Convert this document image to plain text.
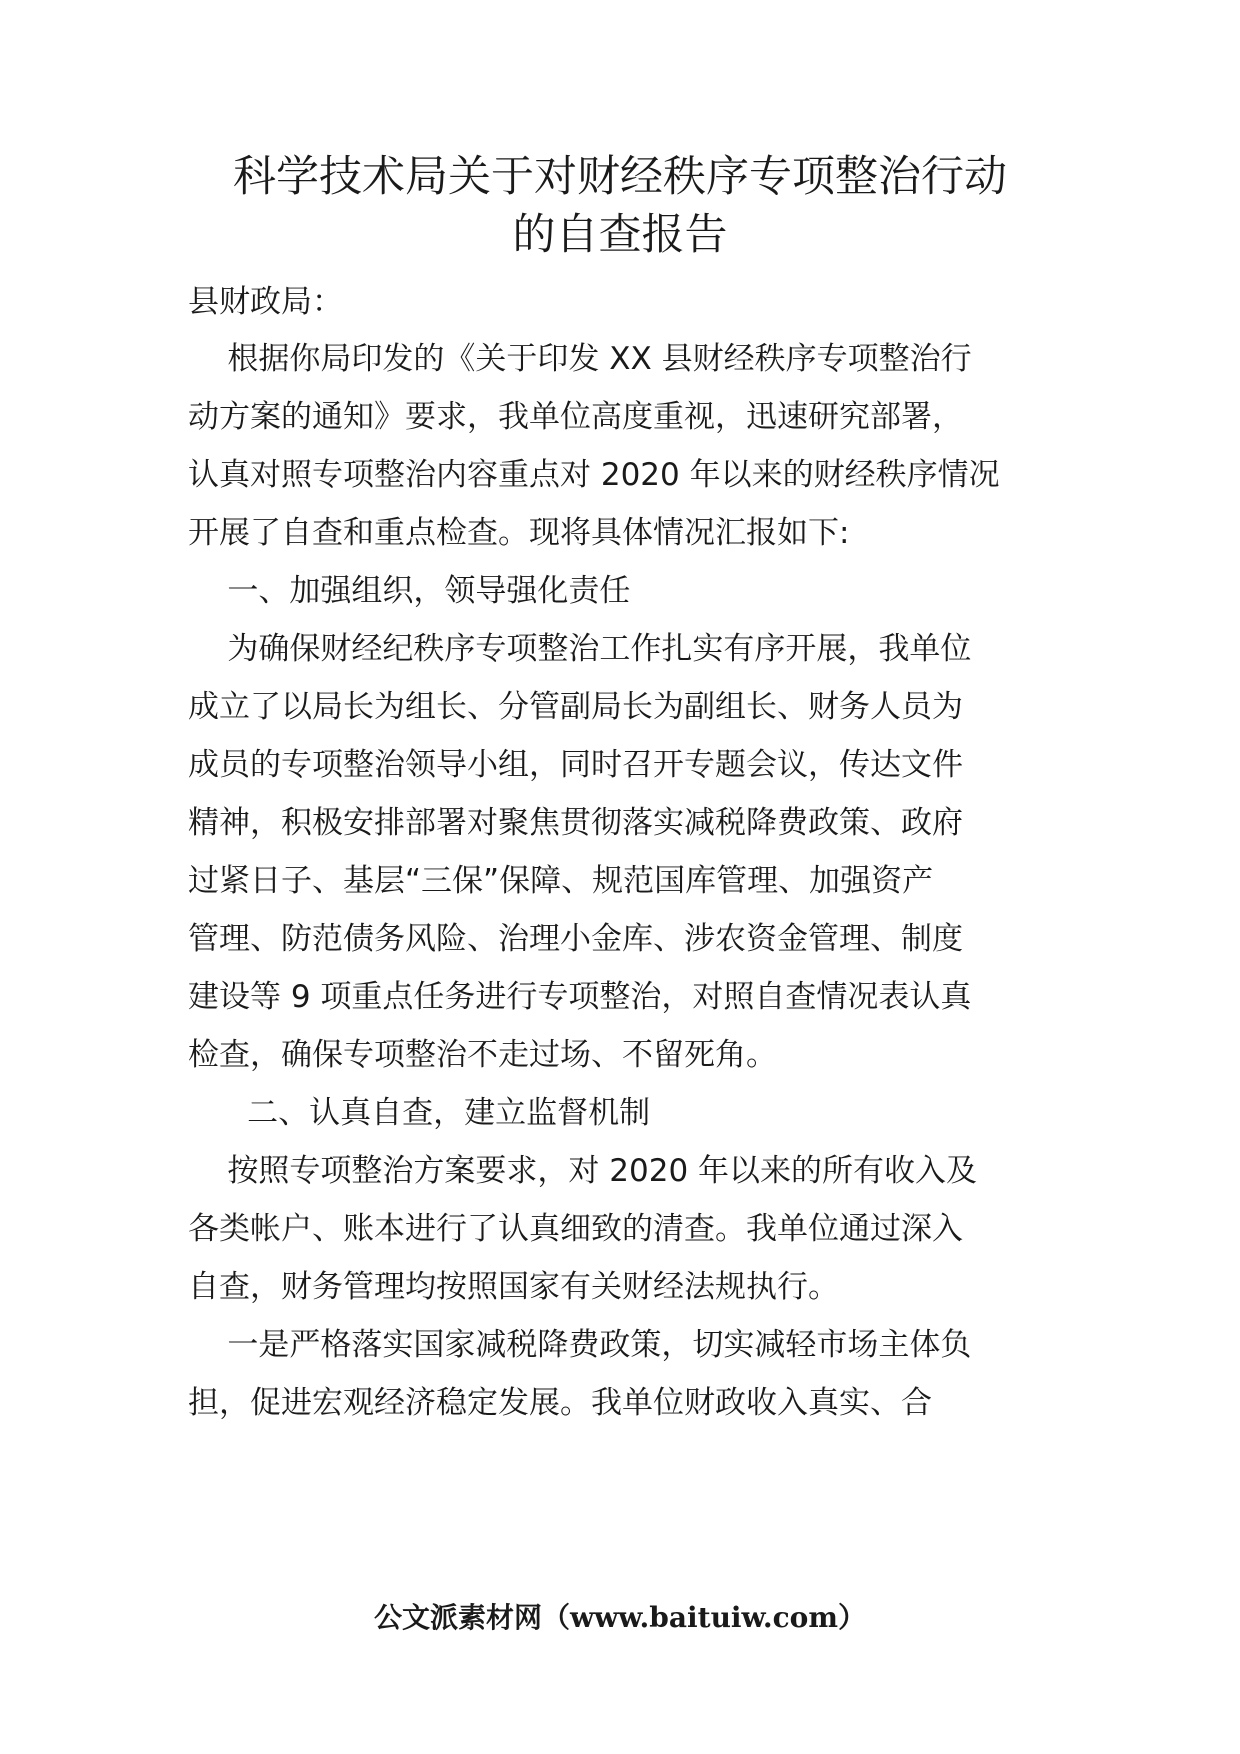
科学技术局关于对财经秩序专项整治行动
的自查报告

县财政局：

根据你局印发的《关于印发 XX 县财经秩序专项整治行

动方案的通知》要求，我单位高度重视，迅速研究部署，

认真对照专项整治内容重点对 2020 年以来的财经秩序情况

开展了自查和重点检查。现将具体情况汇报如下:

一、加强组织，领导强化责任

为确保财经纪秩序专项整治工作扎实有序开展，我单位

成立了以局长为组长、分管副局长为副组长、财务人员为

成员的专项整治领导小组，同时召开专题会议，传达文件

精神，积极安排部署对聚焦贯彻落实减税降费政策、政府

过紧日子、基层“三保”保障、规范国库管理、加强资产

管理、防范债务风险、治理小金库、涉农资金管理、制度

建设等 9 项重点任务进行专项整治，对照自查情况表认真

检查，确保专项整治不走过场、不留死角。

二、认真自查，建立监督机制

按照专项整治方案要求，对 2020 年以来的所有收入及

各类帐户、账本进行了认真细致的清查。我单位通过深入

自查，财务管理均按照国家有关财经法规执行。

一是严格落实国家减税降费政策，切实减轻市场主体负

担，促进宏观经济稳定发展。我单位财政收入真实、合

公文派素材网（www.baituiw.com）
